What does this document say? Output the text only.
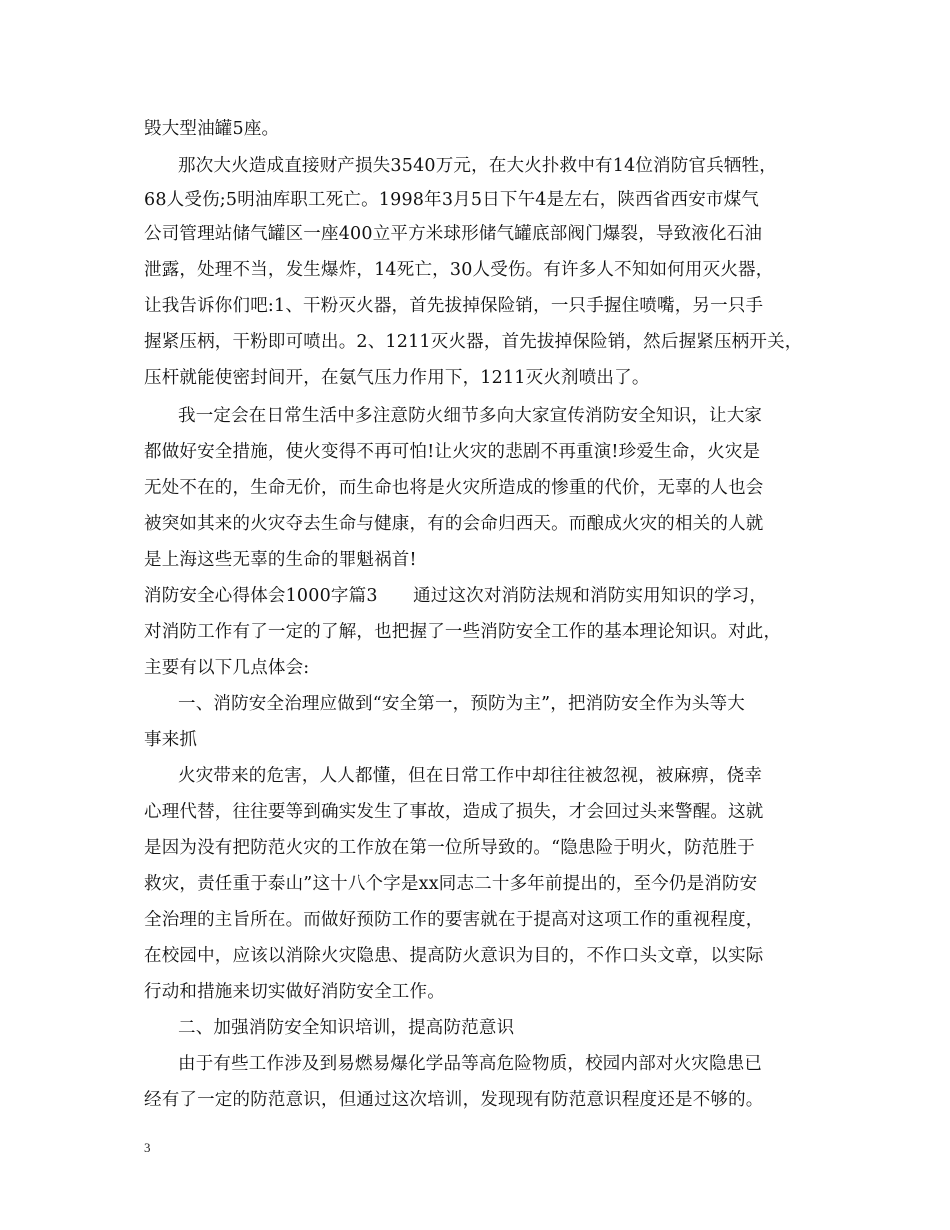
毁大型油罐5座。
那次大火造成直接财产损失3540万元，在大火扑救中有14位消防官兵牺牲，
68人受伤;5明油库职工死亡。1998年3月5日下午4是左右，陕西省西安市煤气
公司管理站储气罐区一座400立平方米球形储气罐底部阀门爆裂，导致液化石油
泄露，处理不当，发生爆炸，14死亡，30人受伤。有许多人不知如何用灭火器，
让我告诉你们吧:1、干粉灭火器，首先拔掉保险销，一只手握住喷嘴，另一只手
握紧压柄，干粉即可喷出。2、1211灭火器，首先拔掉保险销，然后握紧压柄开关，
压杆就能使密封间开，在氨气压力作用下，1211灭火剂喷出了。
我一定会在日常生活中多注意防火细节多向大家宣传消防安全知识，让大家
都做好安全措施，使火变得不再可怕!让火灾的悲剧不再重演!珍爱生命，火灾是
无处不在的，生命无价，而生命也将是火灾所造成的惨重的代价，无辜的人也会
被突如其来的火灾夺去生命与健康，有的会命归西天。而酿成火灾的相关的人就
是上海这些无辜的生命的罪魁祸首!
消防安全心得体会1000字篇3　　通过这次对消防法规和消防实用知识的学习，
对消防工作有了一定的了解，也把握了一些消防安全工作的基本理论知识。对此，
主要有以下几点体会:
一、消防安全治理应做到“安全第一，预防为主”，把消防安全作为头等大
事来抓
火灾带来的危害，人人都懂，但在日常工作中却往往被忽视，被麻痹，侥幸
心理代替，往往要等到确实发生了事故，造成了损失，才会回过头来警醒。这就
是因为没有把防范火灾的工作放在第一位所导致的。“隐患险于明火，防范胜于
救灾，责任重于泰山”这十八个字是xx同志二十多年前提出的，至今仍是消防安
全治理的主旨所在。而做好预防工作的要害就在于提高对这项工作的重视程度，
在校园中，应该以消除火灾隐患、提高防火意识为目的，不作口头文章，以实际
行动和措施来切实做好消防安全工作。
二、加强消防安全知识培训，提高防范意识
由于有些工作涉及到易燃易爆化学品等高危险物质，校园内部对火灾隐患已
经有了一定的防范意识，但通过这次培训，发现现有防范意识程度还是不够的。
3
